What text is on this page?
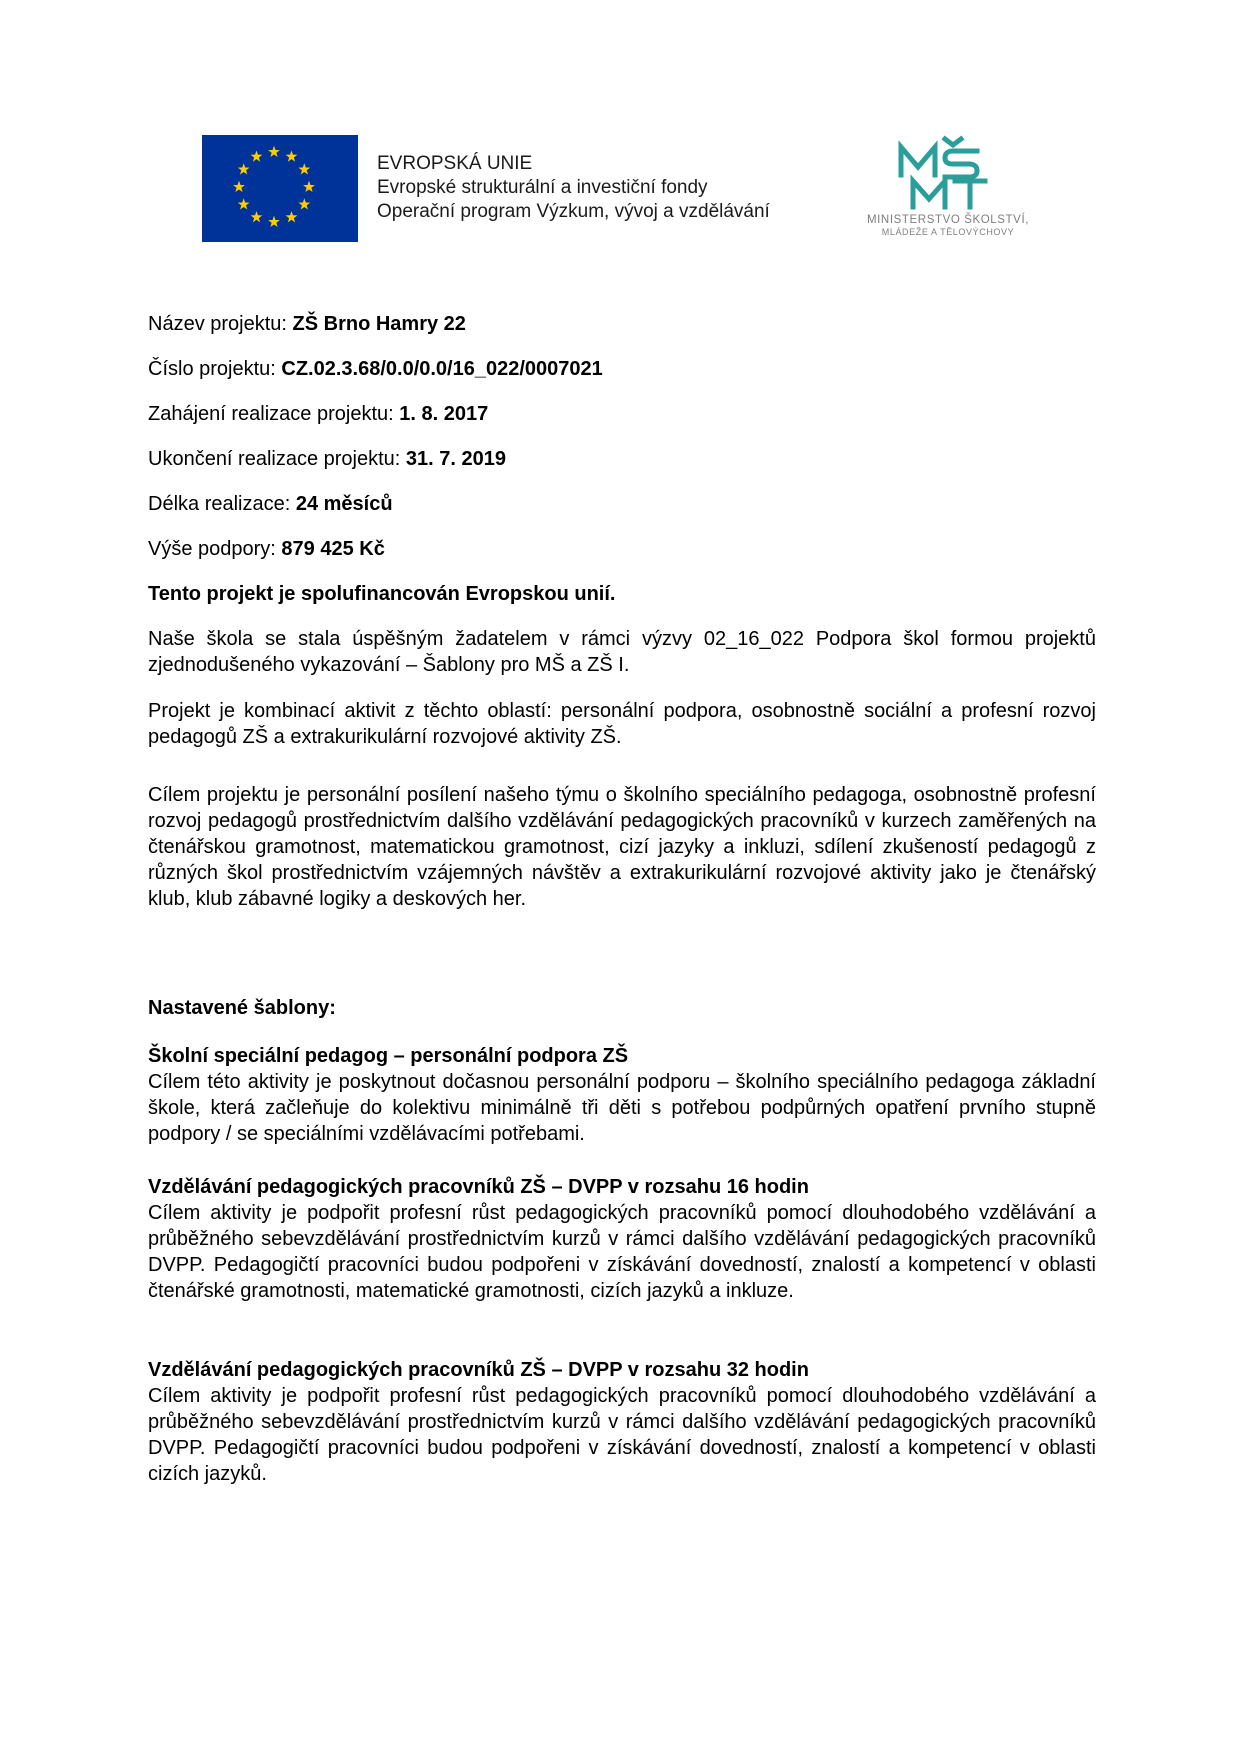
EVROPSKÁ UNIE
Evropské strukturální a investiční fondy
Operační program Výzkum, vývoj a vzdělávání	MINISTERSTVO ŠKOLSTVÍ,
MLÁDEŽE A TĚLOVÝCHOVY
Název projektu: ZŠ Brno Hamry 22
Číslo projektu: CZ.02.3.68/0.0/0.0/16_022/0007021
Zahájení realizace projektu: 1. 8. 2017
Ukončení realizace projektu: 31. 7. 2019
Délka realizace: 24 měsíců
Výše podpory: 879 425 Kč
Tento projekt je spolufinancován Evropskou unií.
Naše škola se stala úspěšným žadatelem v rámci výzvy 02_16_022 Podpora škol formou projektů zjednodušeného vykazování – Šablony pro MŠ a ZŠ I.
Projekt je kombinací aktivit z těchto oblastí: personální podpora, osobnostně sociální a profesní rozvoj pedagogů ZŠ a extrakurikulární rozvojové aktivity ZŠ.
Cílem projektu je personální posílení našeho týmu o školního speciálního pedagoga, osobnostně profesní rozvoj pedagogů prostřednictvím dalšího vzdělávání pedagogických pracovníků v kurzech zaměřených na čtenářskou gramotnost, matematickou gramotnost, cizí jazyky a inkluzi, sdílení zkušeností pedagogů z různých škol prostřednictvím vzájemných návštěv a extrakurikulární rozvojové aktivity jako je čtenářský klub, klub zábavné logiky a deskových her.
Nastavené šablony:
Školní speciální pedagog – personální podpora ZŠ
Cílem této aktivity je poskytnout dočasnou personální podporu – školního speciálního pedagoga základní škole, která začleňuje do kolektivu minimálně tři děti s potřebou podpůrných opatření prvního stupně podpory / se speciálními vzdělávacími potřebami.
Vzdělávání pedagogických pracovníků ZŠ – DVPP v rozsahu 16 hodin
Cílem aktivity je podpořit profesní růst pedagogických pracovníků pomocí dlouhodobého vzdělávání a průběžného sebevzdělávání prostřednictvím kurzů v rámci dalšího vzdělávání pedagogických pracovníků DVPP. Pedagogičtí pracovníci budou podpořeni v získávání dovedností, znalostí a kompetencí v oblasti čtenářské gramotnosti, matematické gramotnosti, cizích jazyků a inkluze.
Vzdělávání pedagogických pracovníků ZŠ – DVPP v rozsahu 32 hodin
Cílem aktivity je podpořit profesní růst pedagogických pracovníků pomocí dlouhodobého vzdělávání a průběžného sebevzdělávání prostřednictvím kurzů v rámci dalšího vzdělávání pedagogických pracovníků DVPP. Pedagogičtí pracovníci budou podpořeni v získávání dovedností, znalostí a kompetencí v oblasti cizích jazyků.
